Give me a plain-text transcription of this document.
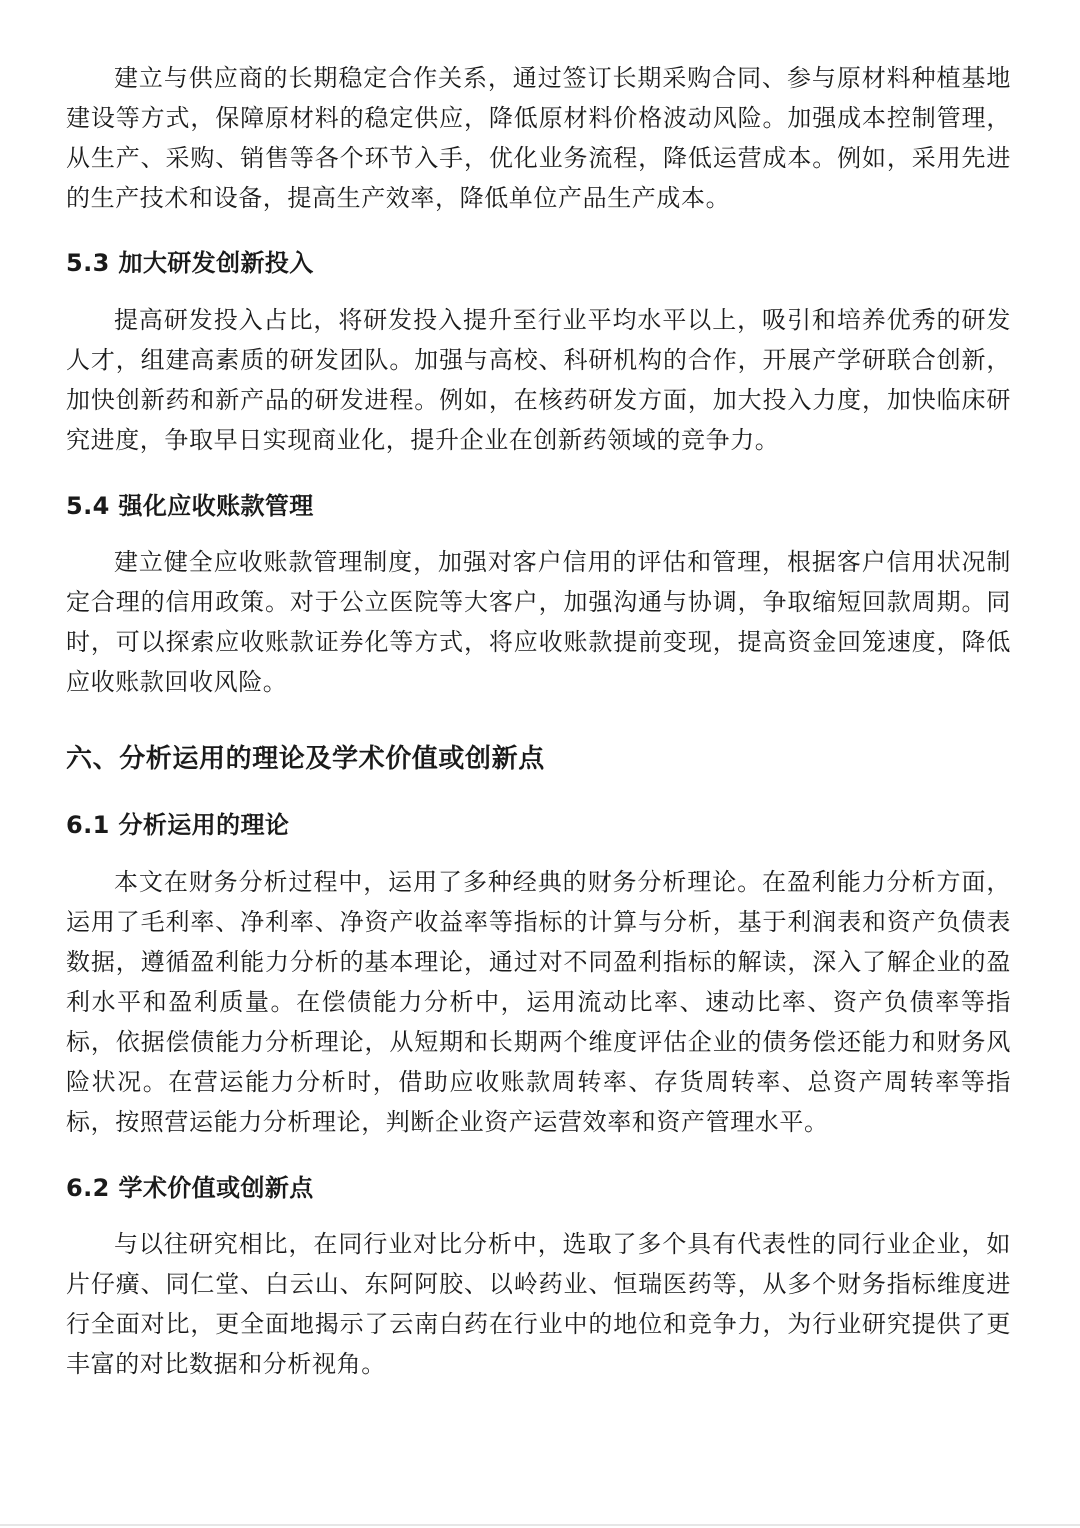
建立与供应商的长期稳定合作关系，通过签订长期采购合同、参与原材料种植基地建设等方式，保障原材料的稳定供应，降低原材料价格波动风险。加强成本控制管理，从生产、采购、销售等各个环节入手，优化业务流程，降低运营成本。例如，采用先进的生产技术和设备，提高生产效率，降低单位产品生产成本。

5.3 加大研发创新投入

提高研发投入占比，将研发投入提升至行业平均水平以上，吸引和培养优秀的研发人才，组建高素质的研发团队。加强与高校、科研机构的合作，开展产学研联合创新，加快创新药和新产品的研发进程。例如，在核药研发方面，加大投入力度，加快临床研究进度，争取早日实现商业化，提升企业在创新药领域的竞争力。

5.4 强化应收账款管理

建立健全应收账款管理制度，加强对客户信用的评估和管理，根据客户信用状况制定合理的信用政策。对于公立医院等大客户，加强沟通与协调，争取缩短回款周期。同时，可以探索应收账款证券化等方式，将应收账款提前变现，提高资金回笼速度，降低应收账款回收风险。

六、分析运用的理论及学术价值或创新点
6.1 分析运用的理论

本文在财务分析过程中，运用了多种经典的财务分析理论。在盈利能力分析方面，运用了毛利率、净利率、净资产收益率等指标的计算与分析，基于利润表和资产负债表数据，遵循盈利能力分析的基本理论，通过对不同盈利指标的解读，深入了解企业的盈利水平和盈利质量。在偿债能力分析中，运用流动比率、速动比率、资产负债率等指标，依据偿债能力分析理论，从短期和长期两个维度评估企业的债务偿还能力和财务风险状况。在营运能力分析时，借助应收账款周转率、存货周转率、总资产周转率等指标，按照营运能力分析理论，判断企业资产运营效率和资产管理水平。

6.2 学术价值或创新点

与以往研究相比，在同行业对比分析中，选取了多个具有代表性的同行业企业，如片仔癀、同仁堂、白云山、东阿阿胶、以岭药业、恒瑞医药等，从多个财务指标维度进行全面对比，更全面地揭示了云南白药在行业中的地位和竞争力，为行业研究提供了更丰富的对比数据和分析视角。
